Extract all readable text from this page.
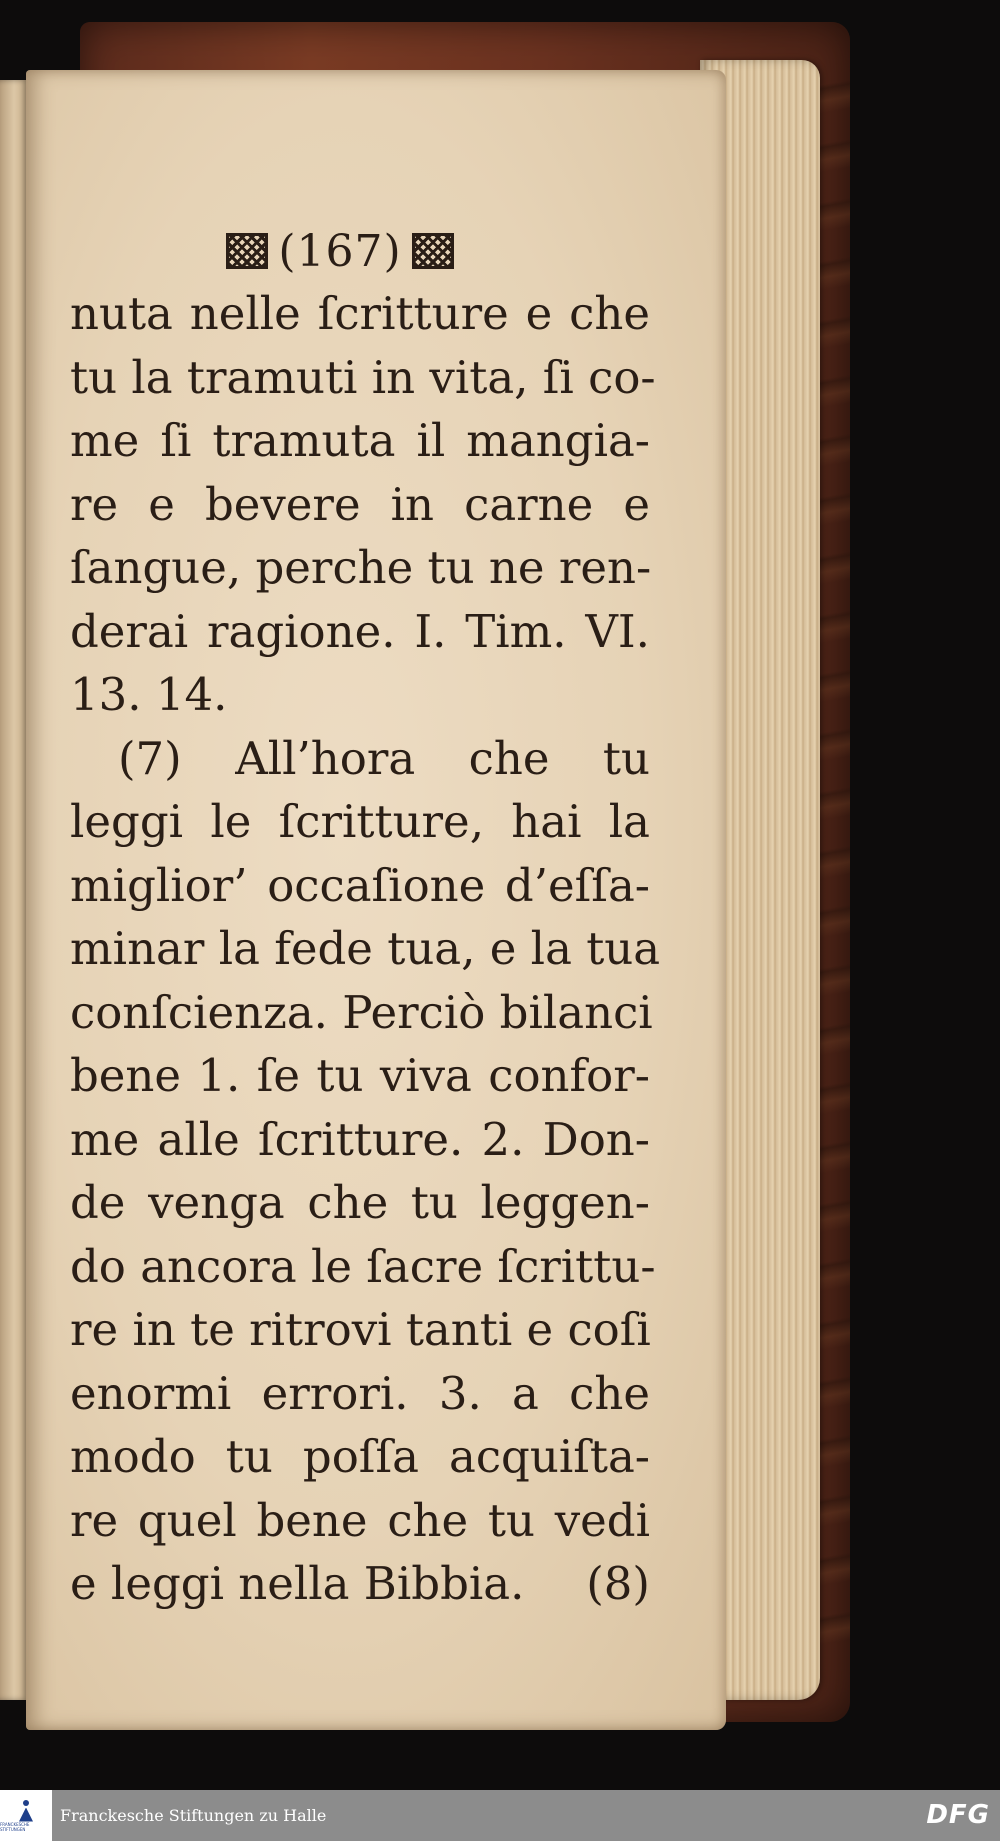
(167)
nuta nelle ſcritture e che
tu la tramuti in vita, ſi co-
me ſi tramuta il mangia-
re e bevere in carne e
ſangue, perche tu ne ren-
derai ragione. I. Tim. VI.
13. 14.
(7) All’hora che tu
leggi le ſcritture, hai la
miglior’ occaſione d’eſſa-
minar la fede tua, e la tua
conſcienza. Perciò bilanci
bene 1. ſe tu viva confor-
me alle ſcritture. 2. Don-
de venga che tu leggen-
do ancora le ſacre ſcrittu-
re in te ritrovi tanti e coſi
enormi errori. 3. a che
modo tu poſſa acquiſta-
re quel bene che tu vedi
e leggi nella Bibbia. (8)
FRANCKESCHE STIFTUNGEN
Franckesche Stiftungen zu Halle	DFG
